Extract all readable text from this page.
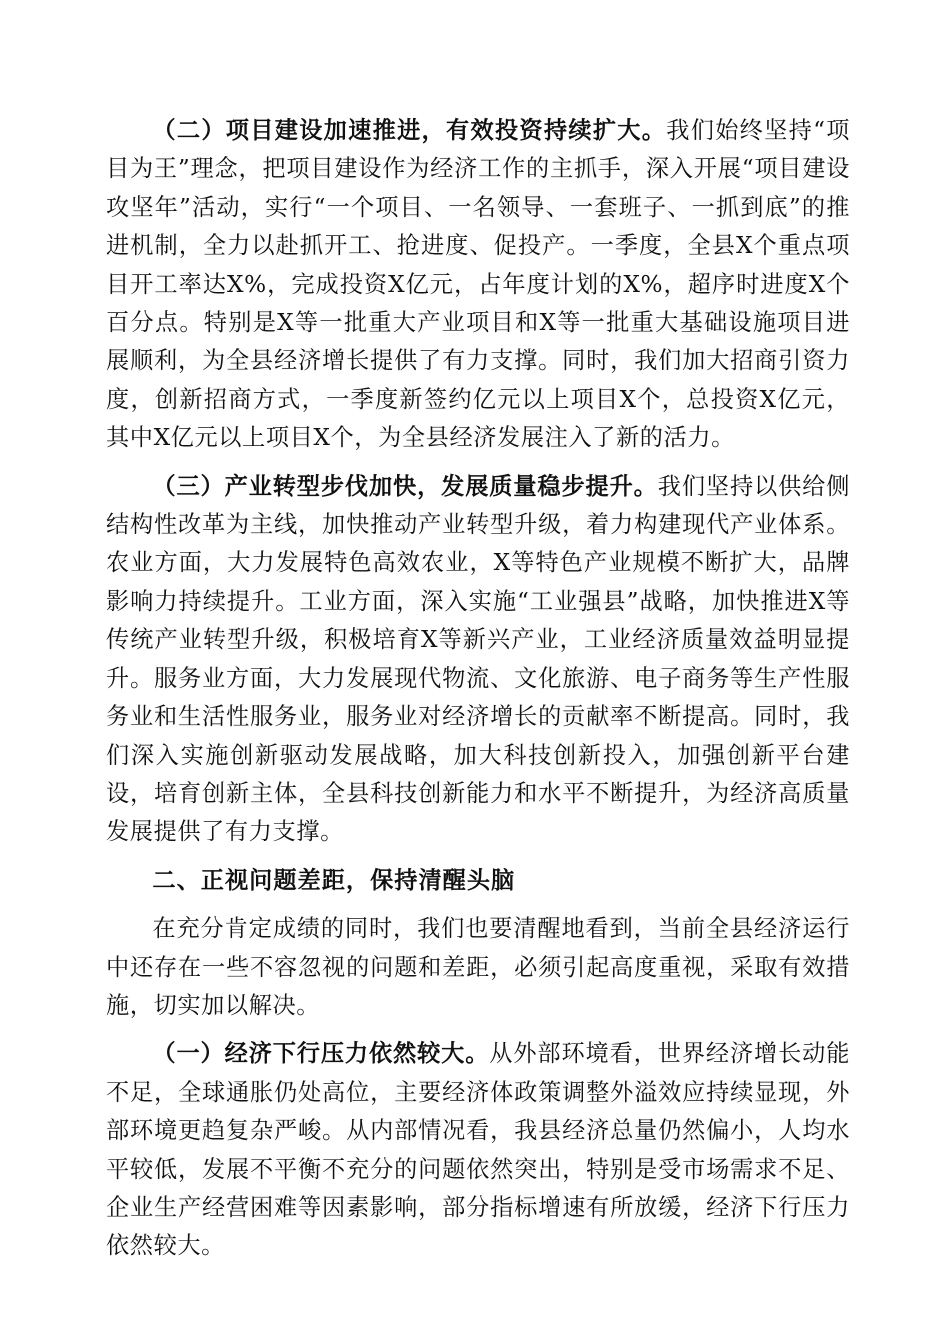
（二）项目建设加速推进，有效投资持续扩大。我们始终坚持“项目为王”理念，把项目建设作为经济工作的主抓手，深入开展“项目建设攻坚年”活动，实行“一个项目、一名领导、一套班子、一抓到底”的推进机制，全力以赴抓开工、抢进度、促投产。一季度，全县X个重点项目开工率达X%，完成投资X亿元，占年度计划的X%，超序时进度X个百分点。特别是X等一批重大产业项目和X等一批重大基础设施项目进展顺利，为全县经济增长提供了有力支撑。同时，我们加大招商引资力度，创新招商方式，一季度新签约亿元以上项目X个，总投资X亿元，其中X亿元以上项目X个，为全县经济发展注入了新的活力。

（三）产业转型步伐加快，发展质量稳步提升。我们坚持以供给侧结构性改革为主线，加快推动产业转型升级，着力构建现代产业体系。农业方面，大力发展特色高效农业，X等特色产业规模不断扩大，品牌影响力持续提升。工业方面，深入实施“工业强县”战略，加快推进X等传统产业转型升级，积极培育X等新兴产业，工业经济质量效益明显提升。服务业方面，大力发展现代物流、文化旅游、电子商务等生产性服务业和生活性服务业，服务业对经济增长的贡献率不断提高。同时，我们深入实施创新驱动发展战略，加大科技创新投入，加强创新平台建设，培育创新主体，全县科技创新能力和水平不断提升，为经济高质量发展提供了有力支撑。

二、正视问题差距，保持清醒头脑

在充分肯定成绩的同时，我们也要清醒地看到，当前全县经济运行中还存在一些不容忽视的问题和差距，必须引起高度重视，采取有效措施，切实加以解决。

（一）经济下行压力依然较大。从外部环境看，世界经济增长动能不足，全球通胀仍处高位，主要经济体政策调整外溢效应持续显现，外部环境更趋复杂严峻。从内部情况看，我县经济总量仍然偏小，人均水平较低，发展不平衡不充分的问题依然突出，特别是受市场需求不足、企业生产经营困难等因素影响，部分指标增速有所放缓，经济下行压力依然较大。
